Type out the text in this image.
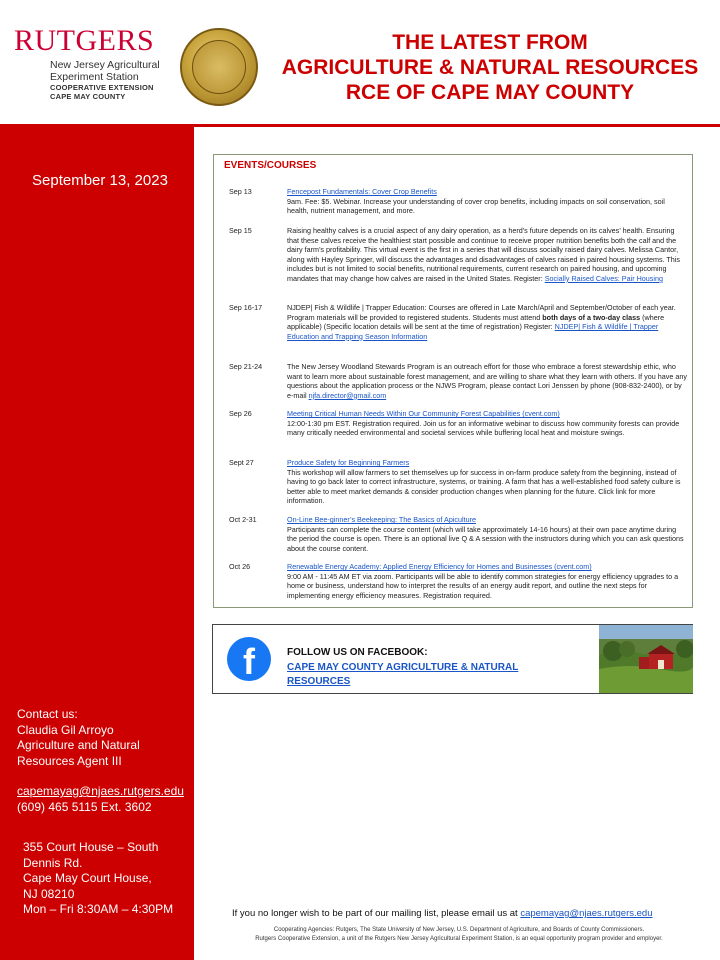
RUTGERS
New Jersey Agricultural
Experiment Station
COOPERATIVE EXTENSION
CAPE MAY COUNTY
THE LATEST FROM
AGRICULTURE & NATURAL RESOURCES
RCE OF CAPE MAY COUNTY
September 13, 2023
Contact us:
Claudia Gil Arroyo
Agriculture and Natural
Resources Agent III
capemayag@njaes.rutgers.edu
(609) 465 5115 Ext. 3602
355 Court House – South
Dennis Rd.
Cape May Court House,
NJ 08210
Mon – Fri 8:30AM – 4:30PM
EVENTS/COURSES
Sep 13	Fencepost Fundamentals: Cover Crop Benefits
9am. Fee: $5. Webinar. Increase your understanding of cover crop benefits, including impacts on soil conservation, soil health, nutrient management, and more.
Sep 15	Raising healthy calves is a crucial aspect of any dairy operation, as a herd’s future depends on its calves’ health. Ensuring that these calves receive the healthiest start possible and continue to receive proper nutrition benefits both the calf and the dairy farm’s profitability. This virtual event is the first in a series that will discuss socially raised dairy calves. Melissa Cantor, along with Hayley Springer, will discuss the advantages and disadvantages of calves raised in paired housing systems. This includes but is not limited to social benefits, nutritional requirements, current research on paired housing, and upcoming mandates that may change how calves are raised in the United States. Register: Socially Raised Calves: Pair Housing
Sep 16-17	NJDEP| Fish & Wildlife | Trapper Education: Courses are offered in Late March/April and September/October of each year. Program materials will be provided to registered students. Students must attend both days of a two-day class (where applicable) (Specific location details will be sent at the time of registration) Register: NJDEP| Fish & Wildlife | Trapper Education and Trapping Season Information
Sep 21-24	The New Jersey Woodland Stewards Program is an outreach effort for those who embrace a forest stewardship ethic, who want to learn more about sustainable forest management, and are willing to share what they learn with others. If you have any questions about the application process or the NJWS Program, please contact Lori Jenssen by phone (908-832-2400), or by e-mail njfa.director@gmail.com
Sep 26	Meeting Critical Human Needs Within Our Community Forest Capabilities (cvent.com)
12:00-1:30 pm EST. Registration required. Join us for an informative webinar to discuss how community forests can provide many critically needed environmental and societal services while buffering local heat and moisture swings.
Sept 27	Produce Safety for Beginning Farmers
This workshop will allow farmers to set themselves up for success in on-farm produce safety from the beginning, instead of having to go back later to correct infrastructure, systems, or training. A farm that has a well-established food safety culture is better able to meet market demands & consider production changes when planning for the future. Click link for more information.
Oct 2-31	On-Line Bee-ginner’s Beekeeping: The Basics of Apiculture
Participants can complete the course content (which will take approximately 14-16 hours) at their own pace anytime during the period the course is open. There is an optional live Q & A session with the instructors during which you can ask questions about the course content.
Oct 26	Renewable Energy Academy: Applied Energy Efficiency for Homes and Businesses (cvent.com)
9:00 AM - 11:45 AM ET via zoom. Participants will be able to identify common strategies for energy efficiency upgrades to a home or business, understand how to interpret the results of an energy audit report, and outline the next steps for implementing energy efficiency measures. Registration required.
f	FOLLOW US ON FACEBOOK:
CAPE MAY COUNTY AGRICULTURE & NATURAL RESOURCES
If you no longer wish to be part of our mailing list, please email us at capemayag@njaes.rutgers.edu
Cooperating Agencies: Rutgers, The State University of New Jersey, U.S. Department of Agriculture, and Boards of County Commissioners.
Rutgers Cooperative Extension, a unit of the Rutgers New Jersey Agricultural Experiment Station, is an equal opportunity program provider and employer.
